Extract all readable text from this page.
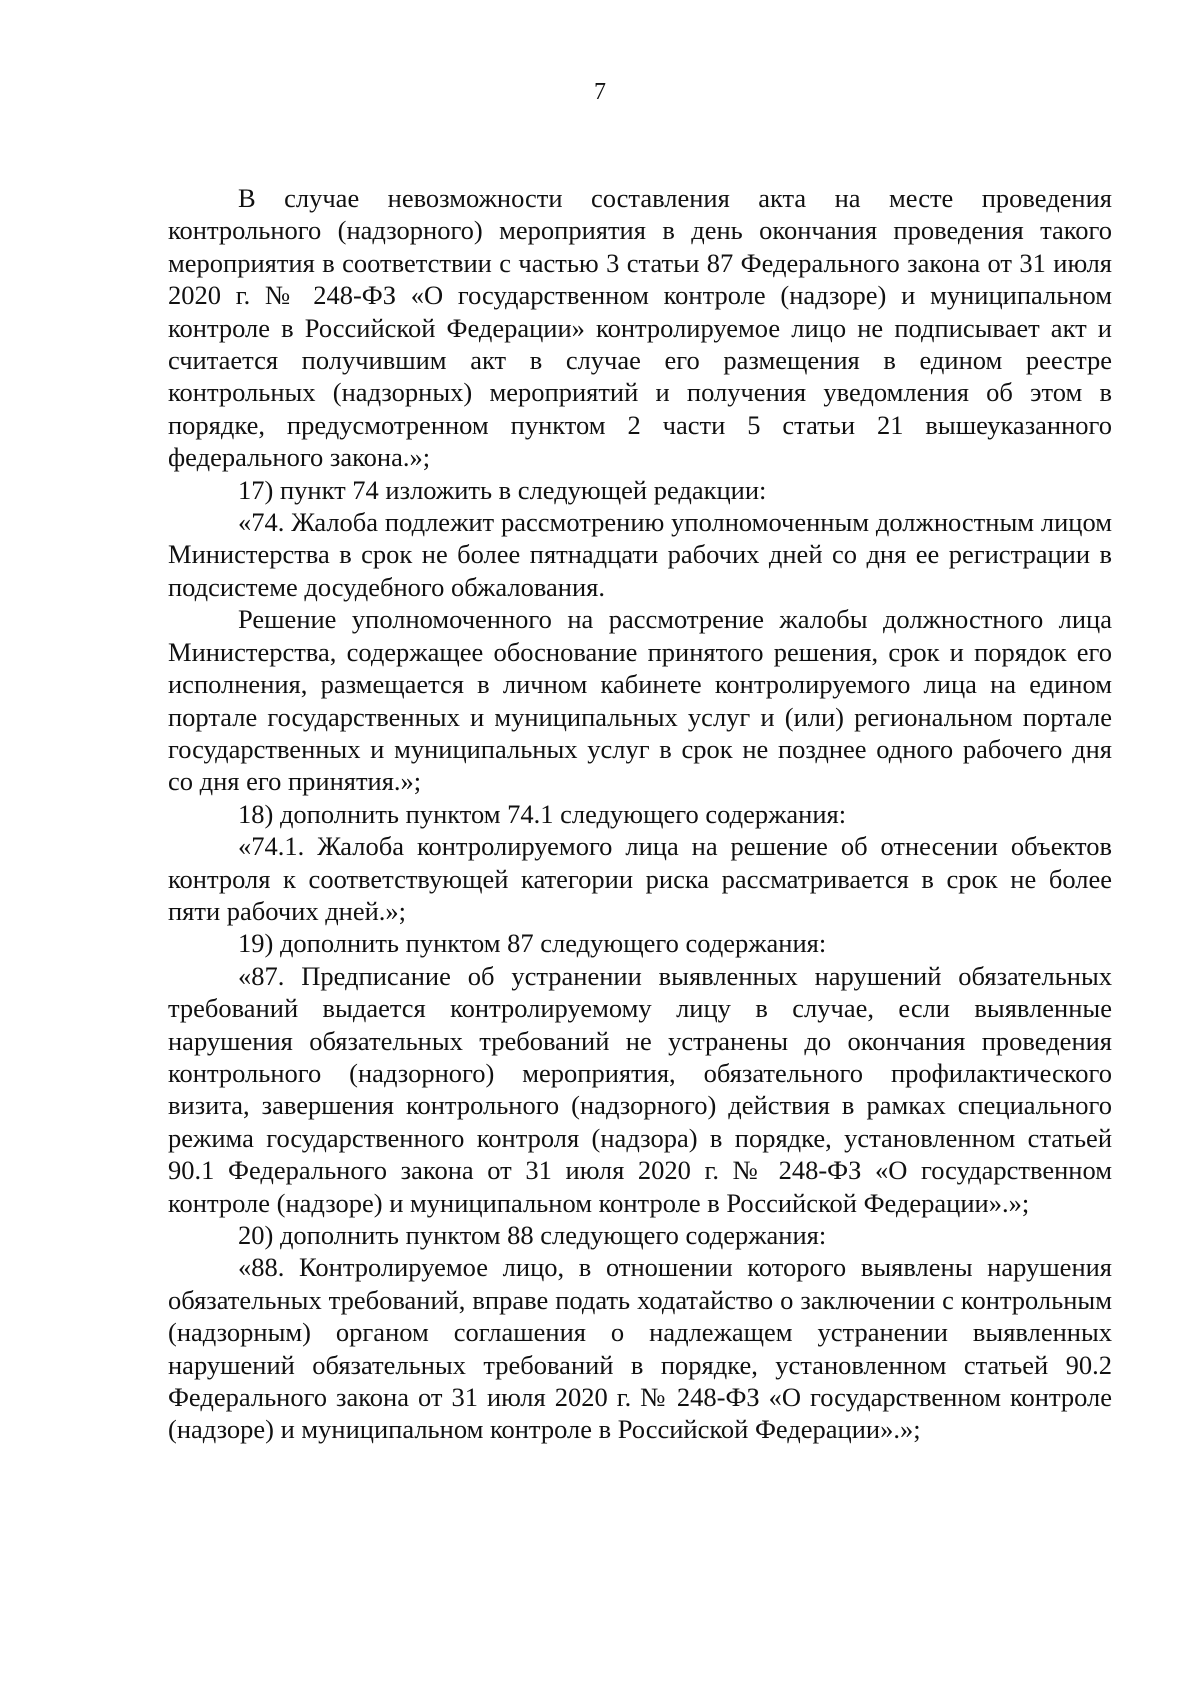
7

В случае невозможности составления акта на месте проведения контрольного (надзорного) мероприятия в день окончания проведения такого мероприятия в соответствии с частью 3 статьи 87 Федерального закона от 31 июля 2020 г. № 248-ФЗ «О государственном контроле (надзоре) и муниципальном контроле в Российской Федерации» контролируемое лицо не подписывает акт и считается получившим акт в случае его размещения в едином реестре контрольных (надзорных) мероприятий и получения уведомления об этом в порядке, предусмотренном пунктом 2 части 5 статьи 21 вышеуказанного федерального закона.»;

17) пункт 74 изложить в следующей редакции:

«74. Жалоба подлежит рассмотрению уполномоченным должностным лицом Министерства в срок не более пятнадцати рабочих дней со дня ее регистрации в подсистеме досудебного обжалования.

Решение уполномоченного на рассмотрение жалобы должностного лица Министерства, содержащее обоснование принятого решения, срок и порядок его исполнения, размещается в личном кабинете контролируемого лица на едином портале государственных и муниципальных услуг и (или) региональном портале государственных и муниципальных услуг в срок не позднее одного рабочего дня со дня его принятия.»;

18) дополнить пунктом 74.1 следующего содержания:

«74.1. Жалоба контролируемого лица на решение об отнесении объектов контроля к соответствующей категории риска рассматривается в срок не более пяти рабочих дней.»;

19) дополнить пунктом 87 следующего содержания:

«87. Предписание об устранении выявленных нарушений обязательных требований выдается контролируемому лицу в случае, если выявленные нарушения обязательных требований не устранены до окончания проведения контрольного (надзорного) мероприятия, обязательного профилактического визита, завершения контрольного (надзорного) действия в рамках специального режима государственного контроля (надзора) в порядке, установленном статьей 90.1 Федерального закона от 31 июля 2020 г. № 248-ФЗ «О государственном контроле (надзоре) и муниципальном контроле в Российской Федерации».»;

20) дополнить пунктом 88 следующего содержания:

«88. Контролируемое лицо, в отношении которого выявлены нарушения обязательных требований, вправе подать ходатайство о заключении с контрольным (надзорным) органом соглашения о надлежащем устранении выявленных нарушений обязательных требований в порядке, установленном статьей 90.2 Федерального закона от 31 июля 2020 г. № 248-ФЗ «О государственном контроле (надзоре) и муниципальном контроле в Российской Федерации».»;
